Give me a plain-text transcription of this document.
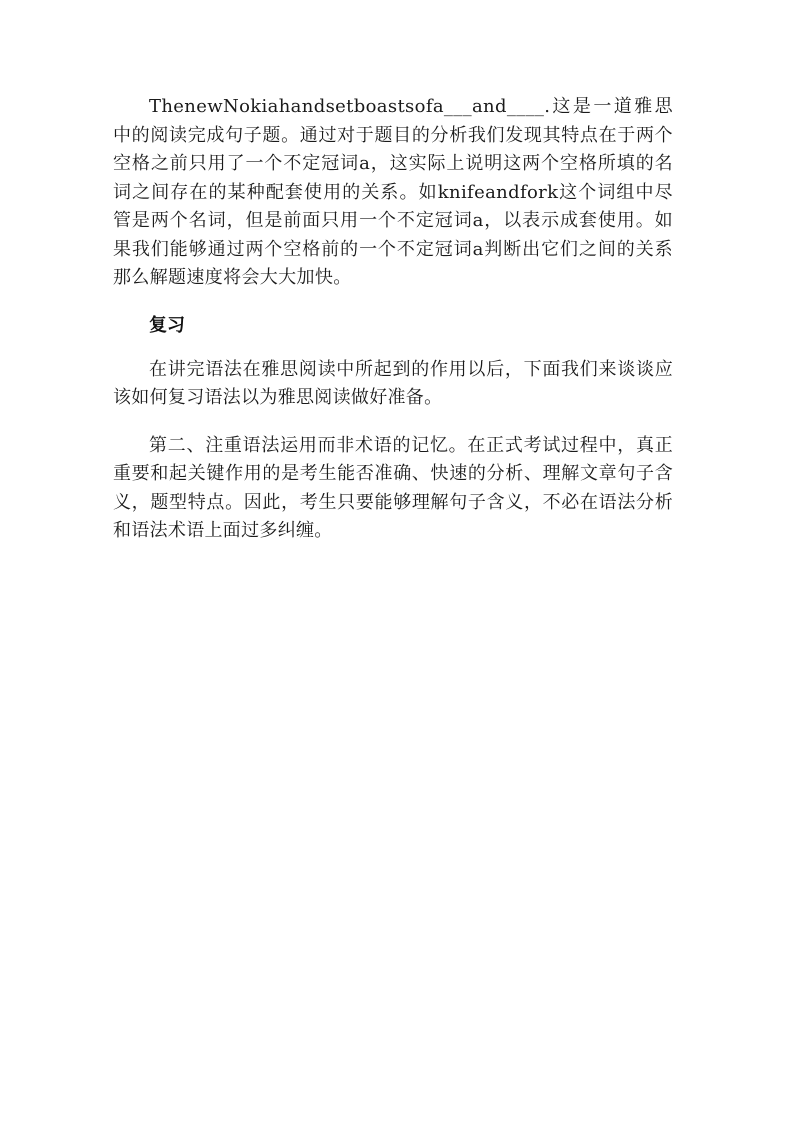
ThenewNokiahandsetboastsofa___and____.这是一道雅思中的阅读完成句子题。通过对于题目的分析我们发现其特点在于两个空格之前只用了一个不定冠词a，这实际上说明这两个空格所填的名词之间存在的某种配套使用的关系。如knifeandfork这个词组中尽管是两个名词，但是前面只用一个不定冠词a，以表示成套使用。如果我们能够通过两个空格前的一个不定冠词a判断出它们之间的关系那么解题速度将会大大加快。

复习

在讲完语法在雅思阅读中所起到的作用以后，下面我们来谈谈应该如何复习语法以为雅思阅读做好准备。

第二、注重语法运用而非术语的记忆。在正式考试过程中，真正重要和起关键作用的是考生能否准确、快速的分析、理解文章句子含义，题型特点。因此，考生只要能够理解句子含义，不必在语法分析和语法术语上面过多纠缠。
